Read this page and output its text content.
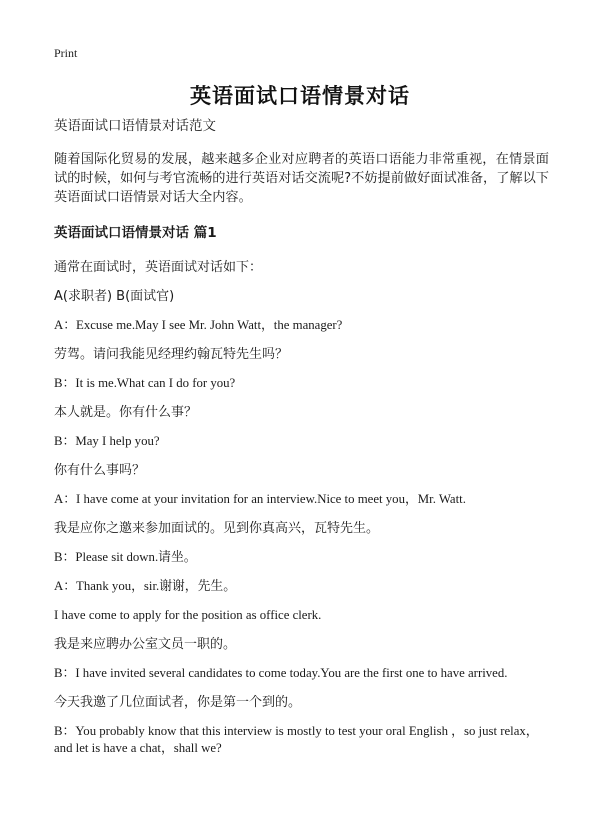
Print
英语面试口语情景对话

英语面试口语情景对话范文

随着国际化贸易的发展，越来越多企业对应聘者的英语口语能力非常重视，在情景面试的时候，如何与考官流畅的进行英语对话交流呢?不妨提前做好面试准备，了解以下英语面试口语情景对话大全内容。

英语面试口语情景对话 篇1

通常在面试时，英语面试对话如下：

A(求职者) B(面试官)

A：Excuse me.May I see Mr. John Watt，the manager?

劳驾。请问我能见经理约翰瓦特先生吗？

B：It is me.What can I do for you?

本人就是。你有什么事？

B：May I help you?

你有什么事吗？

A：I have come at your invitation for an interview.Nice to meet you，Mr. Watt.

我是应你之邀来参加面试的。见到你真高兴，瓦特先生。

B：Please sit down.请坐。

A：Thank you，sir.谢谢，先生。

I have come to apply for the position as office clerk.

我是来应聘办公室文员一职的。

B：I have invited several candidates to come today.You are the first one to have arrived.

今天我邀了几位面试者，你是第一个到的。

B：You probably know that this interview is mostly to test your oral English ，so just relax，and let is have a chat，shall we?
